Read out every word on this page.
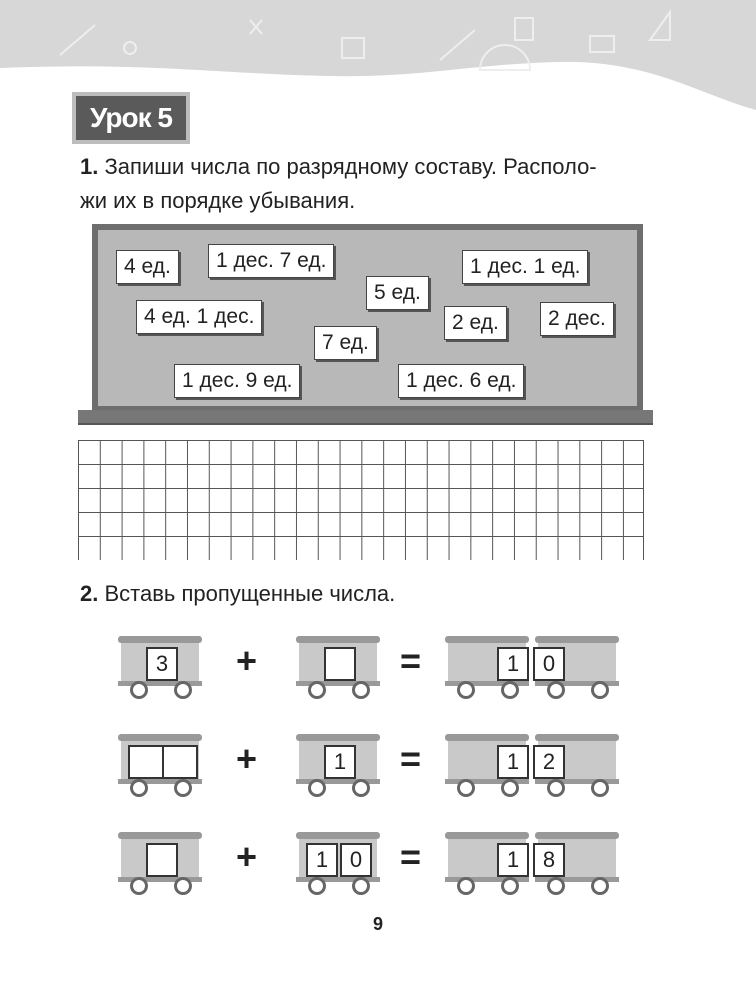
Урок 5
1. Запиши числа по разрядному составу. Располо-
жи их в порядке убывания.
4 ед.	1 дес. 7 ед.
5 ед.
1 дес. 1 ед.
4 ед. 1 дес.	2 ед.	2 дес.
7 ед.
1 дес. 9 ед.	1 дес. 6 ед.
2. Вставь пропущенные числа.
3	1	0
+	=
1	1	2
+	=
1 0	1	8
+	=
9
